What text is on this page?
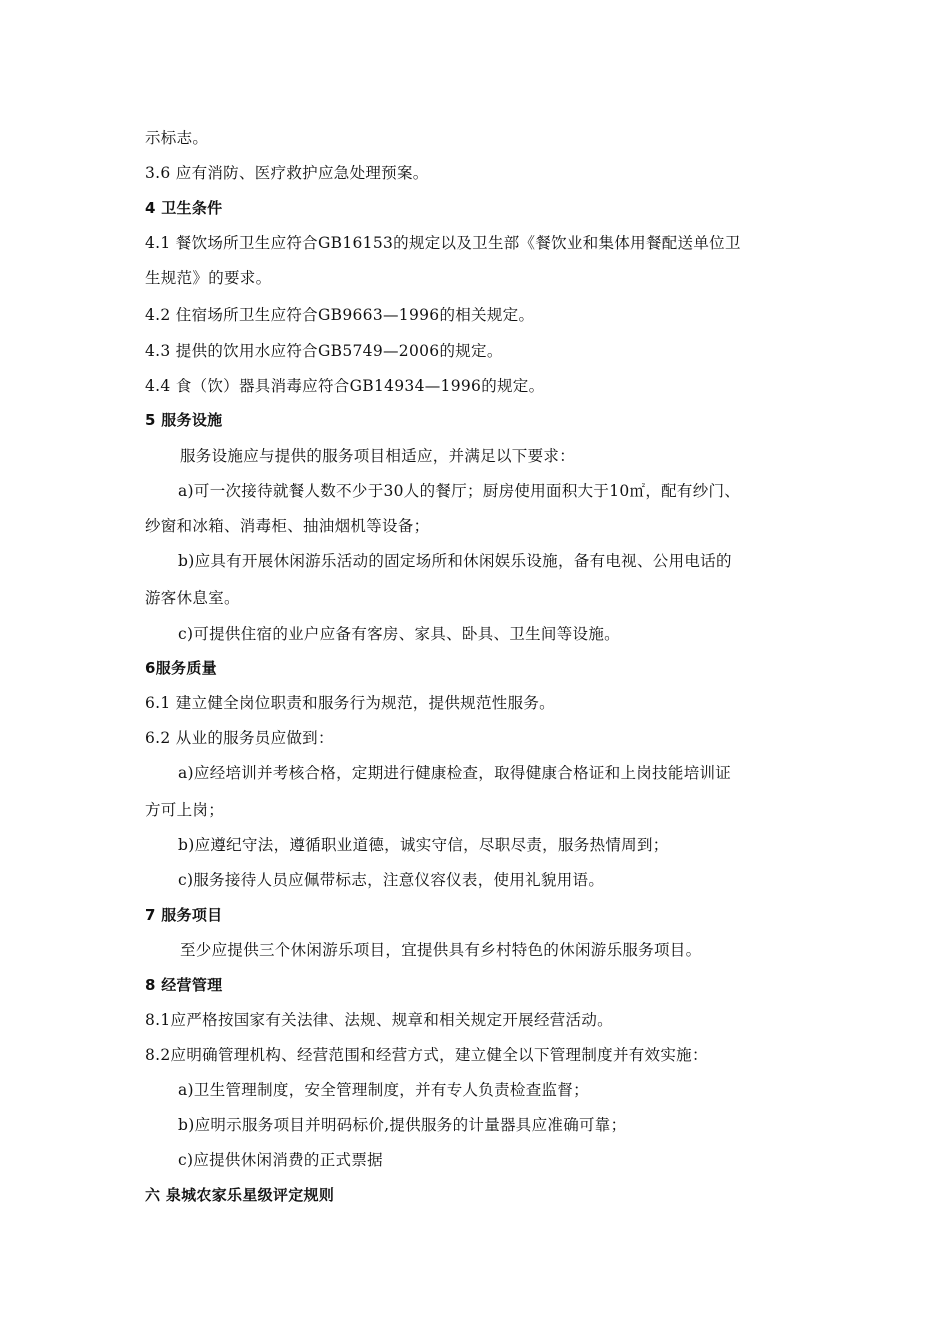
示标志。
3.6 应有消防、医疗救护应急处理预案。
4 卫生条件
4.1 餐饮场所卫生应符合GB16153的规定以及卫生部《餐饮业和集体用餐配送单位卫
生规范》的要求。
4.2 住宿场所卫生应符合GB9663—1996的相关规定。
4.3 提供的饮用水应符合GB5749—2006的规定。
4.4 食（饮）器具消毒应符合GB14934—1996的规定。
5 服务设施
服务设施应与提供的服务项目相适应，并满足以下要求：
a)可一次接待就餐人数不少于30人的餐厅；厨房使用面积大于10㎡，配有纱门、
纱窗和冰箱、消毒柜、抽油烟机等设备；
b)应具有开展休闲游乐活动的固定场所和休闲娱乐设施，备有电视、公用电话的
游客休息室。
c)可提供住宿的业户应备有客房、家具、卧具、卫生间等设施。
6服务质量
6.1 建立健全岗位职责和服务行为规范，提供规范性服务。
6.2 从业的服务员应做到：
a)应经培训并考核合格，定期进行健康检查，取得健康合格证和上岗技能培训证
方可上岗；
b)应遵纪守法，遵循职业道德，诚实守信，尽职尽责，服务热情周到；
c)服务接待人员应佩带标志，注意仪容仪表，使用礼貌用语。
7 服务项目
至少应提供三个休闲游乐项目，宜提供具有乡村特色的休闲游乐服务项目。
8 经营管理
8.1应严格按国家有关法律、法规、规章和相关规定开展经营活动。
8.2应明确管理机构、经营范围和经营方式，建立健全以下管理制度并有效实施：
a)卫生管理制度，安全管理制度，并有专人负责检查监督；
b)应明示服务项目并明码标价,提供服务的计量器具应准确可靠；
c)应提供休闲消费的正式票据
六 泉城农家乐星级评定规则
